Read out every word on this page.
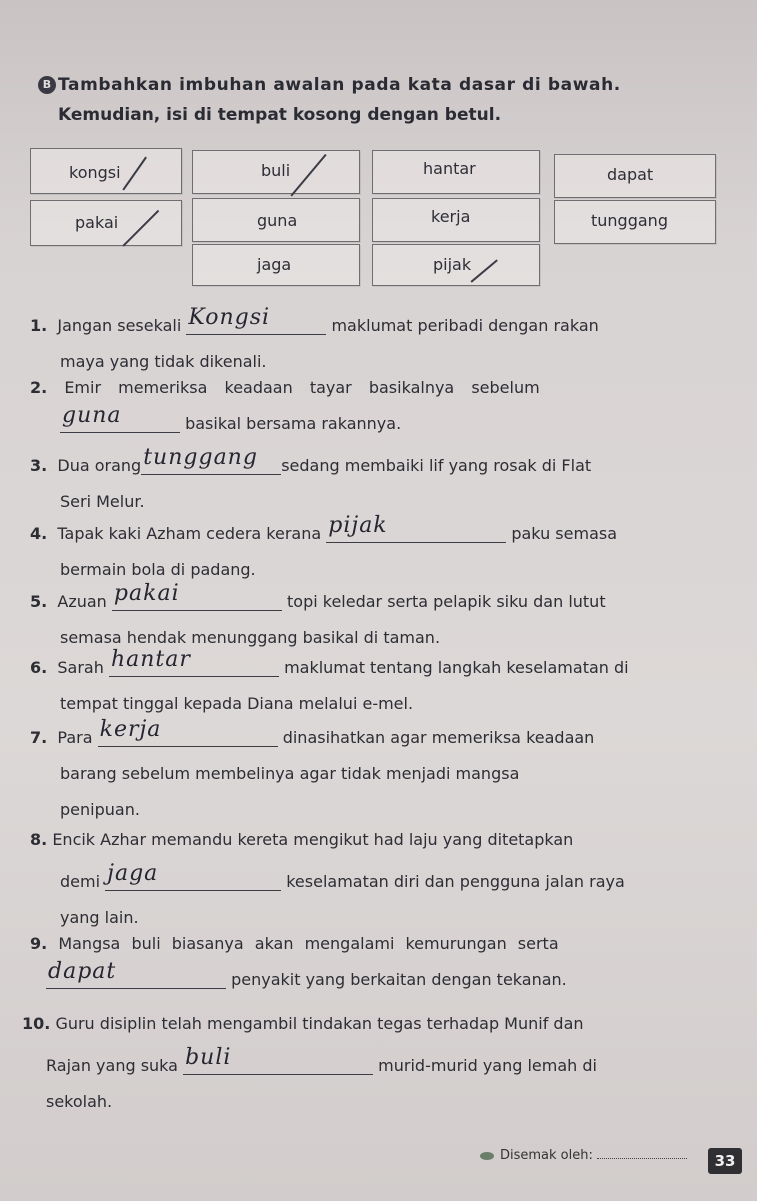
B Tambahkan imbuhan awalan pada kata dasar di bawah.
Kemudian, isi di tempat kosong dengan betul.
kongsi	buli	hantar	dapat
pakai	guna	kerja	tunggang
jaga	pijak
1. Jangan sesekali Kongsi	maklumat peribadi dengan rakan
maya yang tidak dikenali.
2. Emir memeriksa keadaan tayar basikalnya sebelum
guna	basikal bersama rakannya.
3. Dua orang tunggang sedang membaiki lif yang rosak di Flat
Seri Melur.
4. Tapak kaki Azham cedera kerana pijak	paku semasa
bermain bola di padang.
5. Azuan pakai	topi keledar serta pelapik siku dan lutut
semasa hendak menunggang basikal di taman.
6. Sarah hantar	maklumat tentang langkah keselamatan di
tempat tinggal kepada Diana melalui e-mel.
7. Para kerja	dinasihatkan agar memeriksa keadaan
barang sebelum membelinya agar tidak menjadi mangsa
penipuan.
8. Encik Azhar memandu kereta mengikut had laju yang ditetapkan
demi jaga	keselamatan diri dan pengguna jalan raya
yang lain.
9. Mangsa buli biasanya akan mengalami kemurungan serta
dapat	penyakit yang berkaitan dengan tekanan.
10. Guru disiplin telah mengambil tindakan tegas terhadap Munif dan
Rajan yang suka buli	murid-murid yang lemah di
sekolah.
Disemak oleh:	33
